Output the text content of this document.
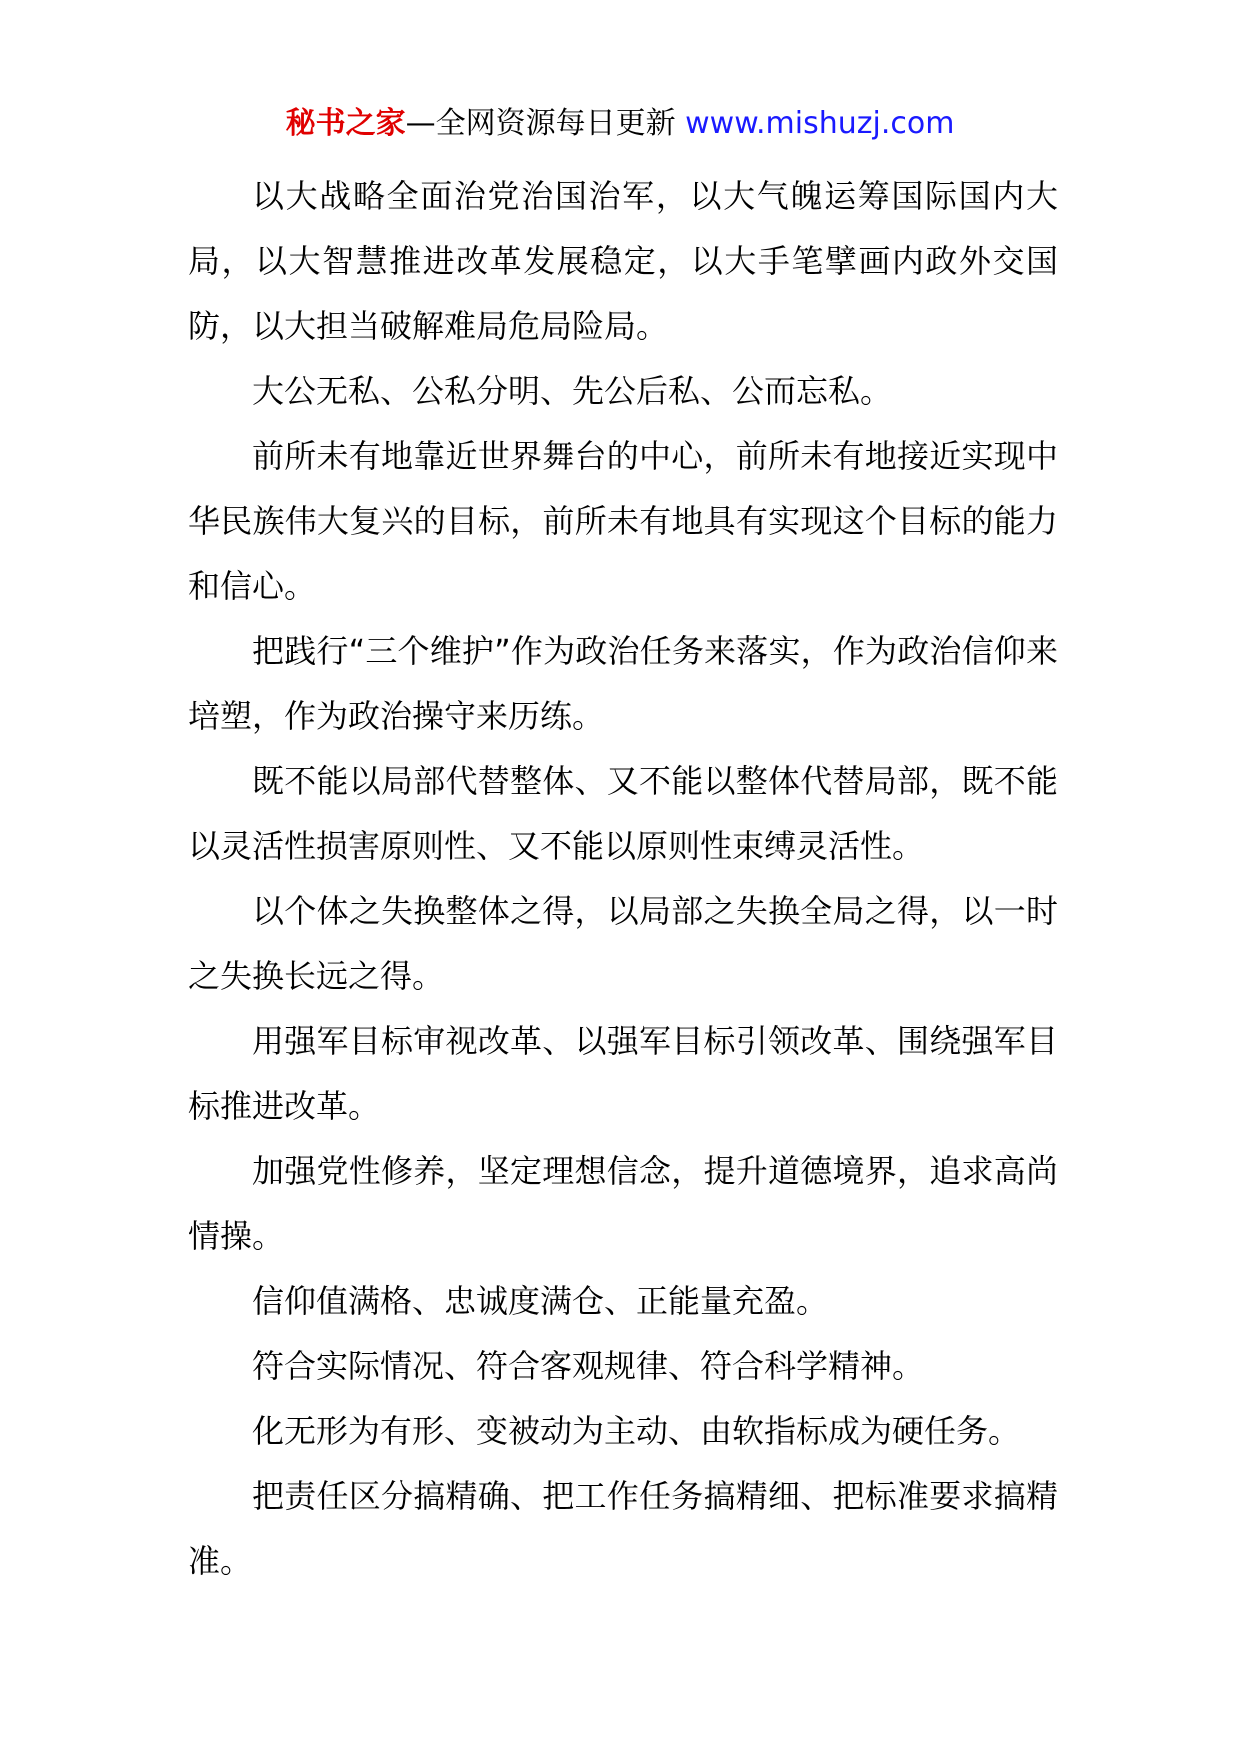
秘书之家—全网资源每日更新 www.mishuzj.com

以大战略全面治党治国治军，以大气魄运筹国际国内大局，以大智慧推进改革发展稳定，以大手笔擘画内政外交国防，以大担当破解难局危局险局。

大公无私、公私分明、先公后私、公而忘私。

前所未有地靠近世界舞台的中心，前所未有地接近实现中华民族伟大复兴的目标，前所未有地具有实现这个目标的能力和信心。

把践行“三个维护”作为政治任务来落实，作为政治信仰来培塑，作为政治操守来历练。

既不能以局部代替整体、又不能以整体代替局部，既不能以灵活性损害原则性、又不能以原则性束缚灵活性。

以个体之失换整体之得，以局部之失换全局之得，以一时之失换长远之得。

用强军目标审视改革、以强军目标引领改革、围绕强军目标推进改革。

加强党性修养，坚定理想信念，提升道德境界，追求高尚情操。

信仰值满格、忠诚度满仓、正能量充盈。

符合实际情况、符合客观规律、符合科学精神。

化无形为有形、变被动为主动、由软指标成为硬任务。

把责任区分搞精确、把工作任务搞精细、把标准要求搞精准。
